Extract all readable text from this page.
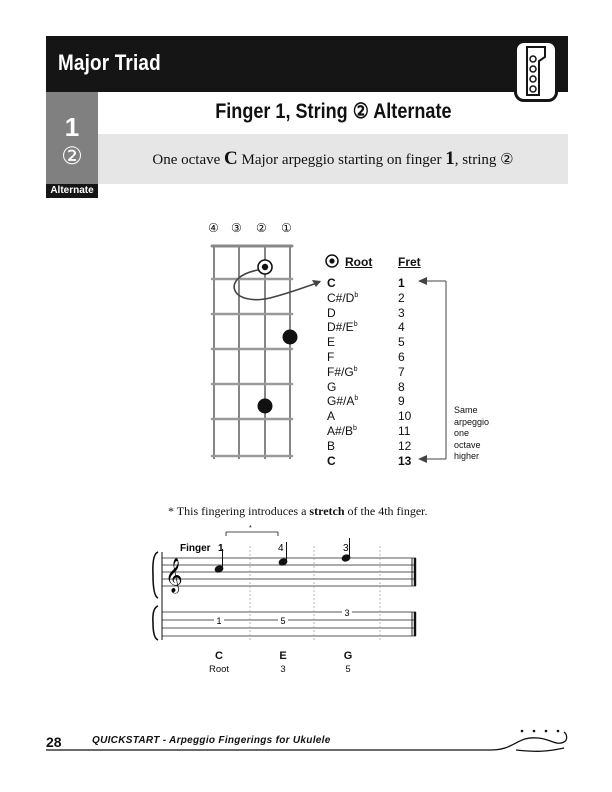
Major Triad
1
②
Alternate
Finger 1, String ② Alternate
One octave C Major arpeggio starting on finger 1, string ②
④ ③ ② ①
Root Fret
C	1
$C\#/D^b$	2
D	3
$D\#/E^b$	4
E	5
F	6
$F\#/G^b$	7
G	8
$G\#/A^b$	9
A	10
$A\#/B^b$	11
B	12
C	13
Same
arpeggio
one
octave
higher
* This fingering introduces a stretch of the 4th finger.
Finger
*
1	4	3
𝄞
1	5
3
C	E	G
Root	3	5
28	QUICKSTART - Arpeggio Fingerings for Ukulele
